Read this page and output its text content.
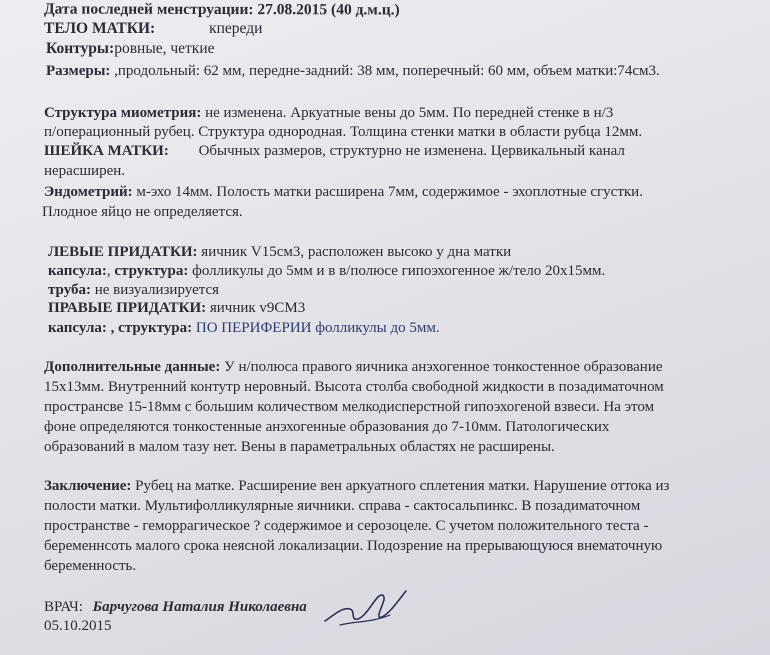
Дата последней менструации: 27.08.2015 (40 д.м.ц.)
ТЕЛО МАТКИ:	кпереди
Контуры:ровные, четкие
Размеры: ,продольный: 62 мм, передне-задний: 38 мм, поперечный: 60 мм, объем матки:74см3.
Структура миометрия: не изменена. Аркуатные вены до 5мм. По передней стенке в н/3
п/операционный рубец. Структура однородная. Толщина стенки матки в области рубца 12мм.
ШЕЙКА МАТКИ: Обычных размеров, структурно не изменена. Цервикальный канал
нерасширен.
Эндометрий: м-эхо 14мм. Полость матки расширена 7мм, содержимое - эхоплотные сгустки.
Плодное яйцо не определяется.
ЛЕВЫЕ ПРИДАТКИ: яичник V15см3, расположен высоко у дна матки
капсула:, структура: фолликулы до 5мм и в в/полюсе гипоэхогенное ж/тело 20х15мм.
труба: не визуализируется
ПРАВЫЕ ПРИДАТКИ: яичник v9СМ3
капсула: , структура: ПО ПЕРИФЕРИИ фолликулы до 5мм.
Дополнительные данные: У н/полюса правого яичника анэхогенное тонкостенное образование
15х13мм. Внутренний контутр неровный. Высота столба свободной жидкости в позадиматочном
пространсве 15-18мм с большим количеством мелкодисперстной гипоэхогеной взвеси. На этом
фоне определяются тонкостенные анэхогенные образования до 7-10мм. Патологических
образований в малом тазу нет. Вены в параметральных областях не расширены.
Заключение: Рубец на матке. Расширение вен аркуатного сплетения матки. Нарушение оттока из
полости матки. Мультифолликулярные яичники. справа - сактосальпинкс. В позадиматочном
пространстве - геморрагическое ? содержимое и серозоцеле. С учетом положительного теста -
беременнсоть малого срока неясной локализации. Подозрение на прерывающуюся внематочную
беременность.
ВРАЧ: Барчугова Наталия Николаевна
05.10.2015
